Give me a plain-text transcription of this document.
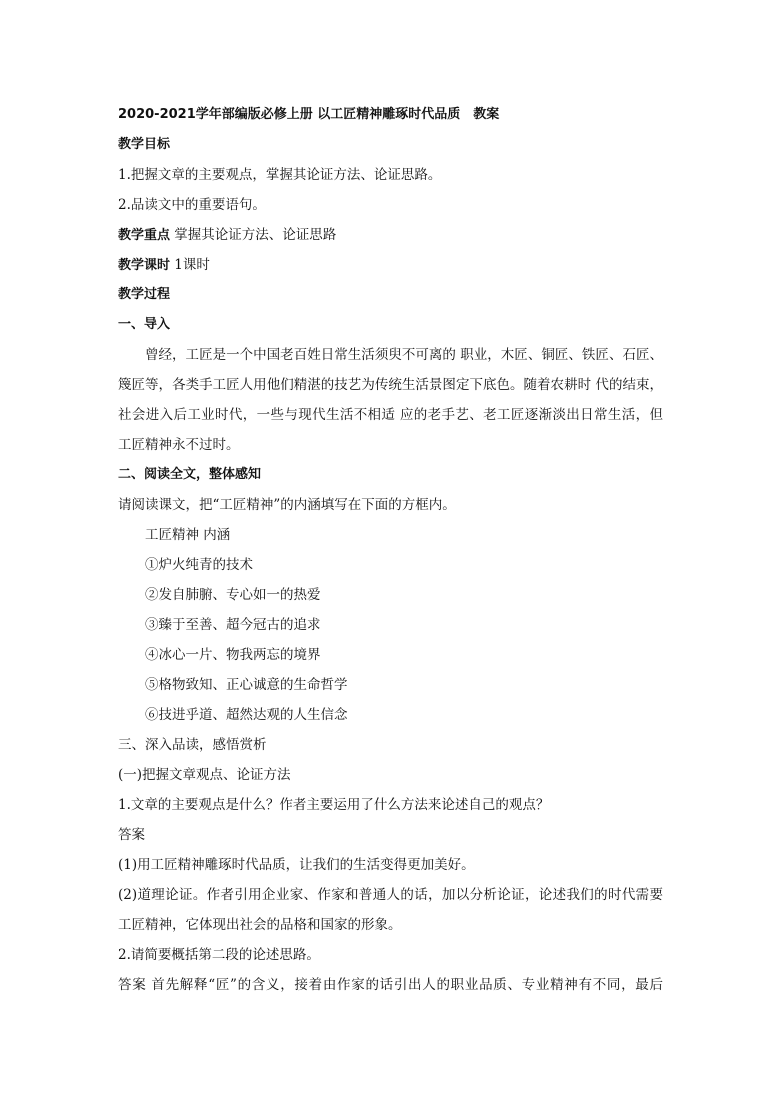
2020-2021学年部编版必修上册 以工匠精神雕琢时代品质　教案
教学目标
1.把握文章的主要观点，掌握其论证方法、论证思路。
2.品读文中的重要语句。
教学重点 掌握其论证方法、论证思路
教学课时 1课时
教学过程
一、导入
曾经，工匠是一个中国老百姓日常生活须臾不可离的 职业，木匠、铜匠、铁匠、石匠、
篾匠等，各类手工匠人用他们精湛的技艺为传统生活景图定下底色。随着农耕时 代的结束，
社会进入后工业时代，一些与现代生活不相适 应的老手艺、老工匠逐渐淡出日常生活，但
工匠精神永不过时。
二、阅读全文，整体感知
请阅读课文，把“工匠精神”的内涵填写在下面的方框内。
工匠精神 内涵
①炉火纯青的技术
②发自肺腑、专心如一的热爱
③臻于至善、超今冠古的追求
④冰心一片、物我两忘的境界
⑤格物致知、正心诚意的生命哲学
⑥技进乎道、超然达观的人生信念
三、深入品读，感悟赏析
(一)把握文章观点、论证方法
1.文章的主要观点是什么？作者主要运用了什么方法来论述自己的观点？
答案
(1)用工匠精神雕琢时代品质，让我们的生活变得更加美好。
(2)道理论证。作者引用企业家、作家和普通人的话，加以分析论证，论述我们的时代需要
工匠精神，它体现出社会的品格和国家的形象。
2.请简要概括第二段的论述思路。
答案 首先解释“匠”的含义，接着由作家的话引出人的职业品质、专业精神有不同，最后
